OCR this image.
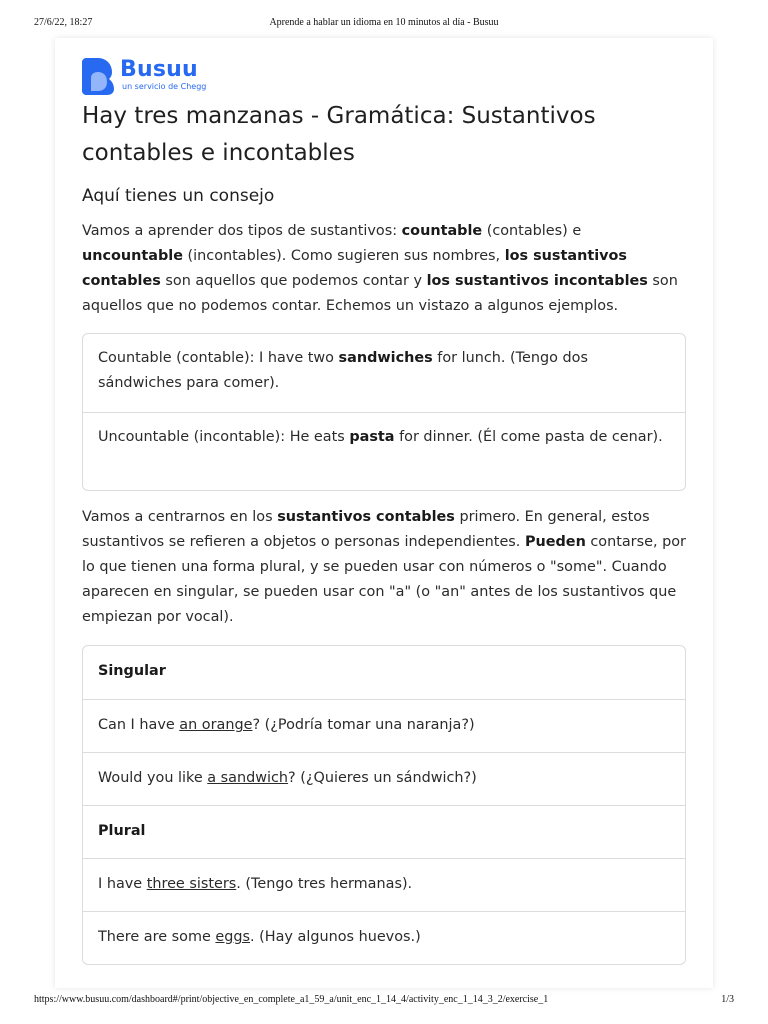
27/6/22, 18:27	Aprende a hablar un idioma en 10 minutos al día - Busuu
Busuu
un servicio de Chegg
Hay tres manzanas - Gramática: Sustantivos contables e incontables
Aquí tienes un consejo

Vamos a aprender dos tipos de sustantivos: countable (contables) e uncountable (incontables). Como sugieren sus nombres, los sustantivos contables son aquellos que podemos contar y los sustantivos incontables son aquellos que no podemos contar. Echemos un vistazo a algunos ejemplos.

Countable (contable): I have two sandwiches for lunch. (Tengo dos sándwiches para comer).
Uncountable (incontable): He eats pasta for dinner. (Él come pasta de cenar).

Vamos a centrarnos en los sustantivos contables primero. En general, estos sustantivos se refieren a objetos o personas independientes. Pueden contarse, por lo que tienen una forma plural, y se pueden usar con números o "some". Cuando aparecen en singular, se pueden usar con "a" (o "an" antes de los sustantivos que empiezan por vocal).

Singular
Can I have an orange? (¿Podría tomar una naranja?)
Would you like a sandwich? (¿Quieres un sándwich?)
Plural
I have three sisters. (Tengo tres hermanas).
There are some eggs. (Hay algunos huevos.)
https://www.busuu.com/dashboard#/print/objective_en_complete_a1_59_a/unit_enc_1_14_4/activity_enc_1_14_3_2/exercise_1	1/3
